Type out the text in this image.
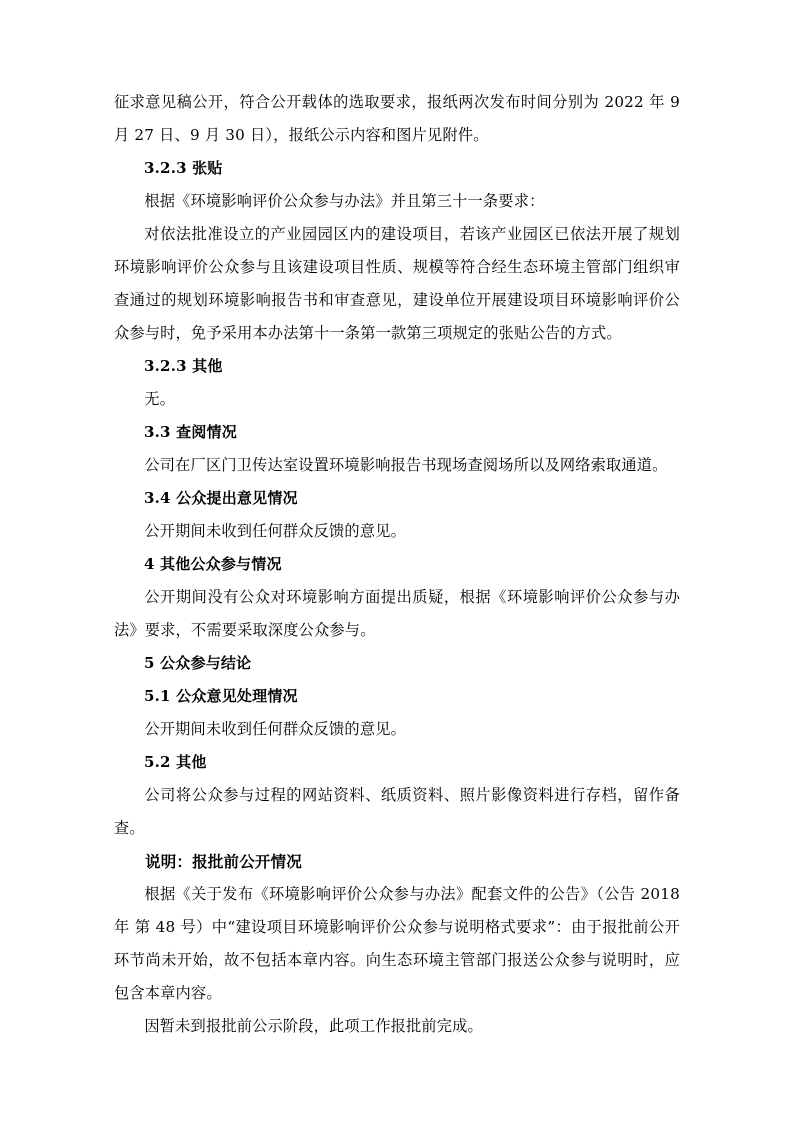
征求意见稿公开，符合公开载体的选取要求，报纸两次发布时间分别为 2022 年 9 月 27 日、9 月 30 日），报纸公示内容和图片见附件。

3.2.3 张贴

根据《环境影响评价公众参与办法》并且第三十一条要求：

对依法批准设立的产业园园区内的建设项目，若该产业园区已依法开展了规划环境影响评价公众参与且该建设项目性质、规模等符合经生态环境主管部门组织审查通过的规划环境影响报告书和审查意见，建设单位开展建设项目环境影响评价公众参与时，免予采用本办法第十一条第一款第三项规定的张贴公告的方式。

3.2.3 其他

无。

3.3 查阅情况

公司在厂区门卫传达室设置环境影响报告书现场查阅场所以及网络索取通道。

3.4 公众提出意见情况

公开期间未收到任何群众反馈的意见。

4 其他公众参与情况

公开期间没有公众对环境影响方面提出质疑，根据《环境影响评价公众参与办法》要求，不需要采取深度公众参与。

5 公众参与结论

5.1 公众意见处理情况

公开期间未收到任何群众反馈的意见。

5.2 其他

公司将公众参与过程的网站资料、纸质资料、照片影像资料进行存档，留作备查。

说明：报批前公开情况

根据《关于发布《环境影响评价公众参与办法》配套文件的公告》（公告 2018 年 第 48 号）中“建设项目环境影响评价公众参与说明格式要求”：由于报批前公开环节尚未开始，故不包括本章内容。向生态环境主管部门报送公众参与说明时，应包含本章内容。

因暂未到报批前公示阶段，此项工作报批前完成。
